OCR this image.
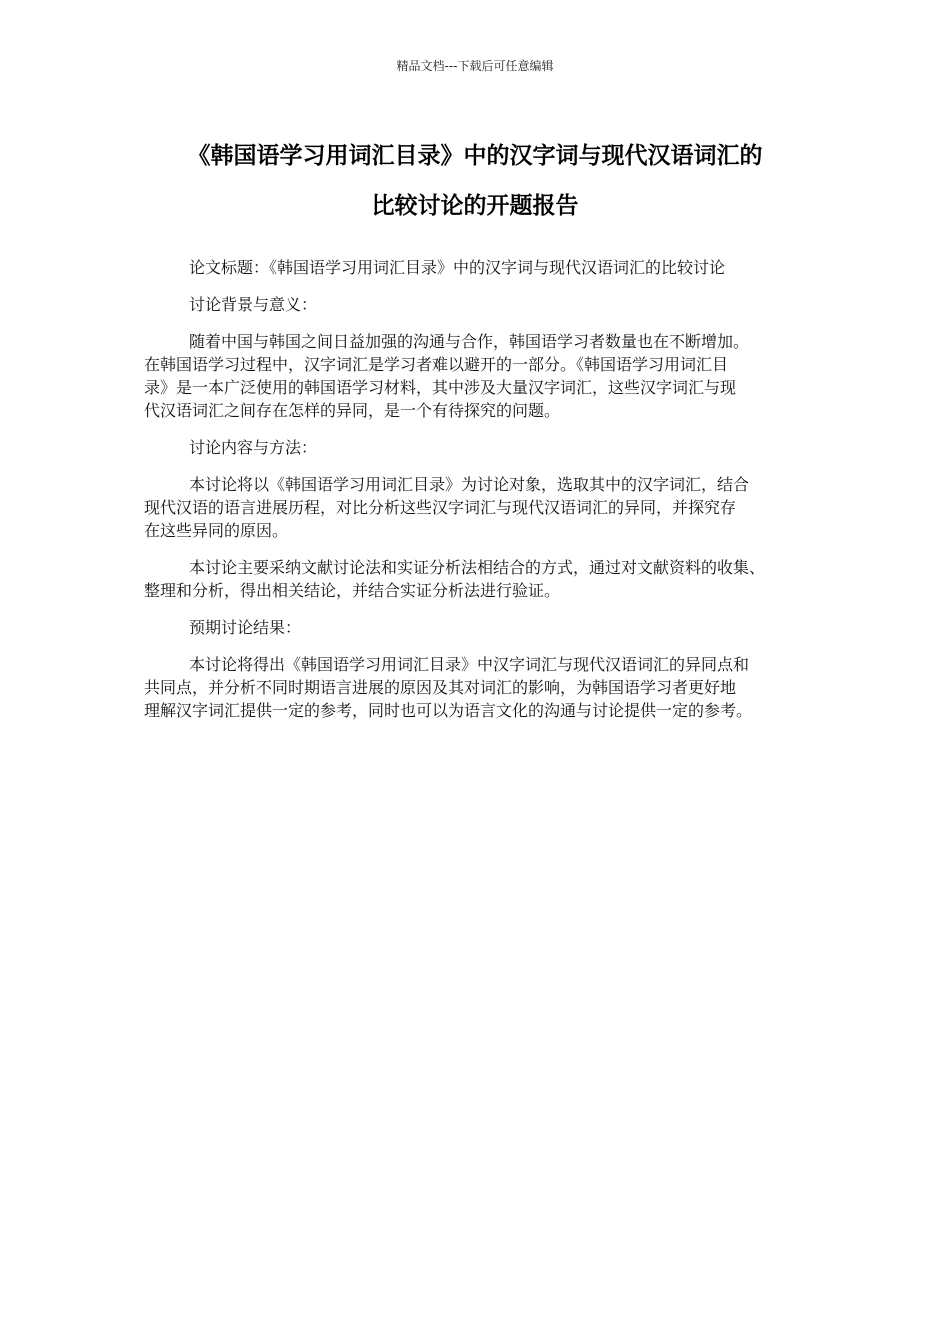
精品文档---下载后可任意编辑
《韩国语学习用词汇目录》中的汉字词与现代汉语词汇的
比较讨论的开题报告
论文标题：《韩国语学习用词汇目录》中的汉字词与现代汉语词汇的比较讨论
讨论背景与意义：
随着中国与韩国之间日益加强的沟通与合作，韩国语学习者数量也在不断增加。
在韩国语学习过程中，汉字词汇是学习者难以避开的一部分。《韩国语学习用词汇目
录》是一本广泛使用的韩国语学习材料，其中涉及大量汉字词汇，这些汉字词汇与现
代汉语词汇之间存在怎样的异同，是一个有待探究的问题。
讨论内容与方法：
本讨论将以《韩国语学习用词汇目录》为讨论对象，选取其中的汉字词汇，结合
现代汉语的语言进展历程，对比分析这些汉字词汇与现代汉语词汇的异同，并探究存
在这些异同的原因。
本讨论主要采纳文献讨论法和实证分析法相结合的方式，通过对文献资料的收集、
整理和分析，得出相关结论，并结合实证分析法进行验证。
预期讨论结果：
本讨论将得出《韩国语学习用词汇目录》中汉字词汇与现代汉语词汇的异同点和
共同点，并分析不同时期语言进展的原因及其对词汇的影响，为韩国语学习者更好地
理解汉字词汇提供一定的参考，同时也可以为语言文化的沟通与讨论提供一定的参考。
